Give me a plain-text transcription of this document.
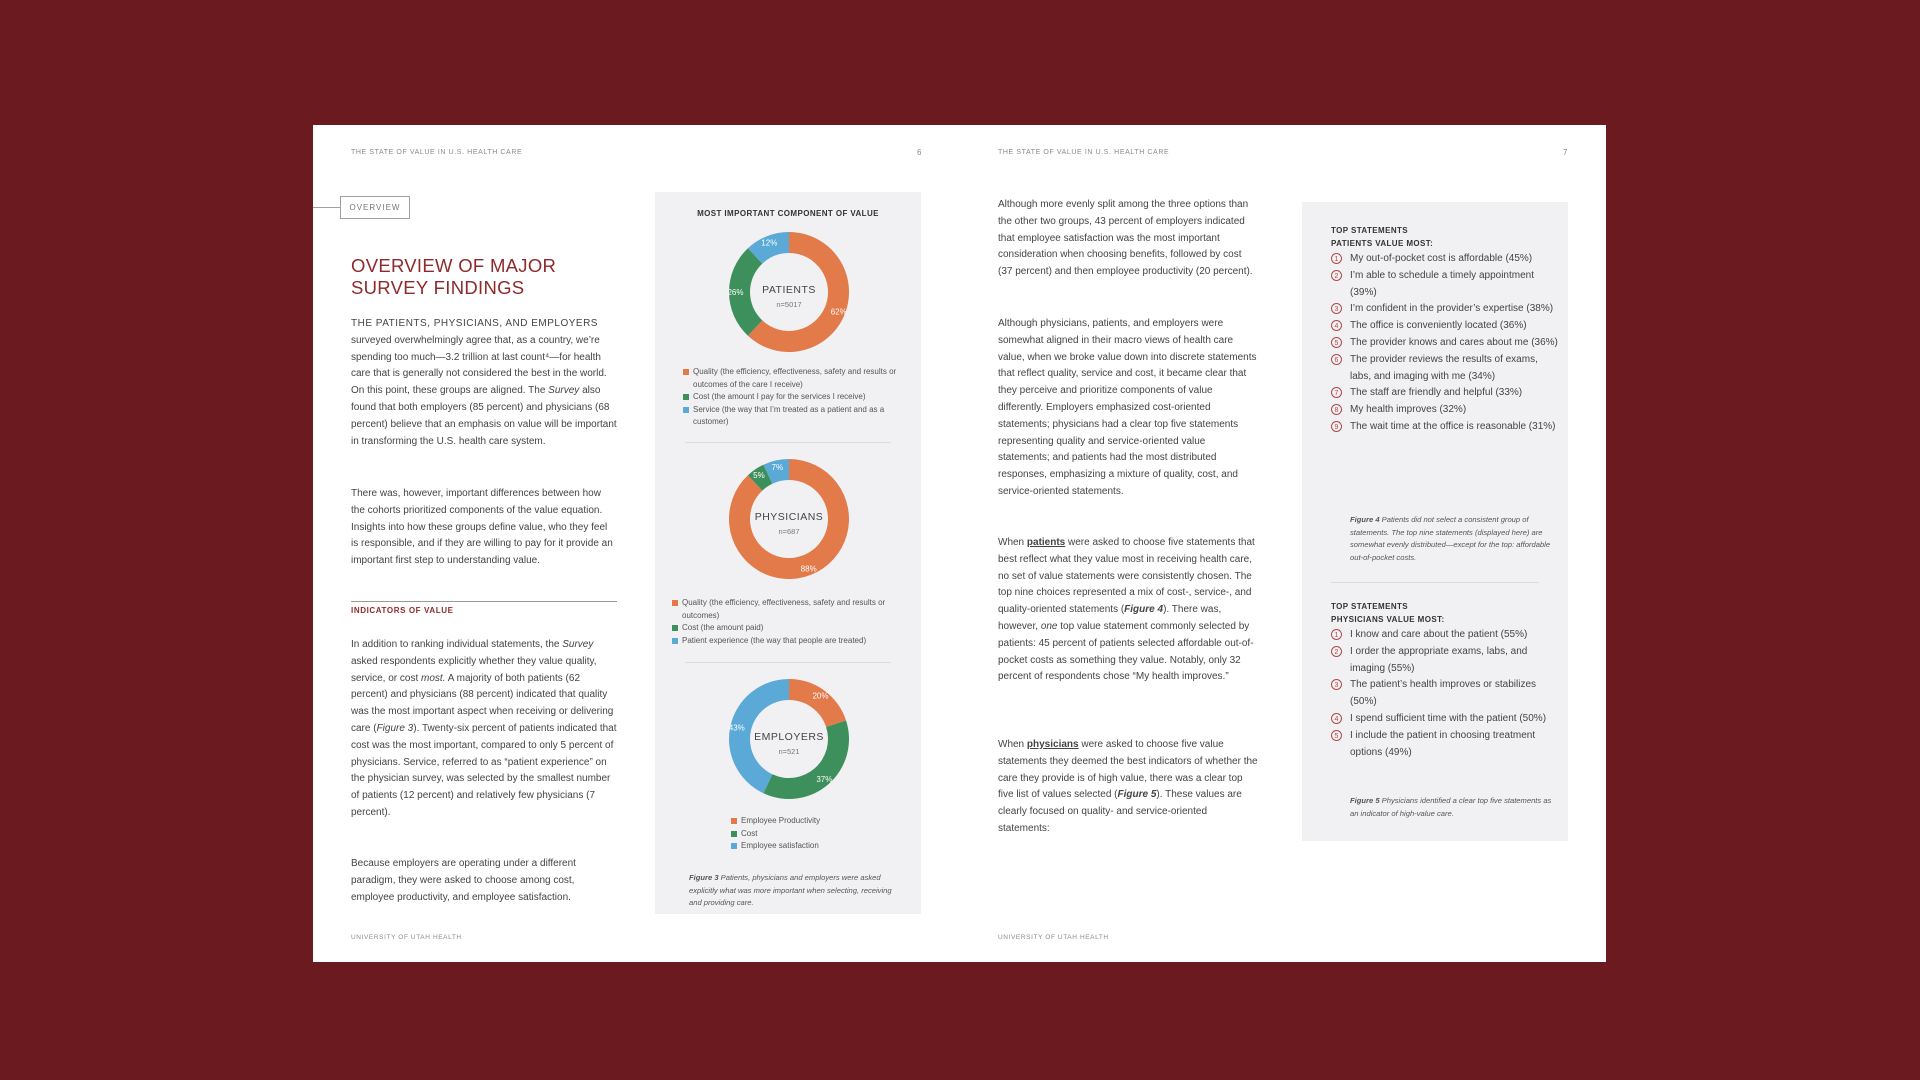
THE STATE OF VALUE IN U.S. HEALTH CARE	6
OVERVIEW
OVERVIEW OF MAJOR SURVEY FINDINGS

THE PATIENTS, PHYSICIANS, AND EMPLOYERS surveyed overwhelmingly agree that, as a country, we’re spending too much—3.2 trillion at last count⁴—for health care that is generally not considered the best in the world. On this point, these groups are aligned. The Survey also found that both employers (85 percent) and physicians (68 percent) believe that an emphasis on value will be important in transforming the U.S. health care system.

There was, however, important differences between how the cohorts prioritized components of the value equation. Insights into how these groups define value, who they feel is responsible, and if they are willing to pay for it provide an important first step to understanding value.

INDICATORS OF VALUE

In addition to ranking individual statements, the Survey asked respondents explicitly whether they value quality, service, or cost most. A majority of both patients (62 percent) and physicians (88 percent) indicated that quality was the most important aspect when receiving or delivering care (Figure 3). Twenty-six percent of patients indicated that cost was the most important, compared to only 5 percent of physicians. Service, referred to as “patient experience” on the physician survey, was selected by the smallest number of patients (12 percent) and relatively few physicians (7 percent).

Because employers are operating under a different paradigm, they were asked to choose among cost, employee productivity, and employee satisfaction.

UNIVERSITY OF UTAH HEALTH
MOST IMPORTANT COMPONENT OF VALUE
62%
26%
12%
PATIENTS
n=5017
Quality (the efficiency, effectiveness, safety and results or outcomes of the care I receive)
Cost (the amount I pay for the services I receive)
Service (the way that I’m treated as a patient and as a customer)
88%
5%
7%
PHYSICIANS
n=687
Quality (the efficiency, effectiveness, safety and results or outcomes)
Cost (the amount paid)
Patient experience (the way that people are treated)
20%
37%
43%
EMPLOYERS
n=521
Employee Productivity
Cost
Employee satisfaction
Figure 3 Patients, physicians and employers were asked explicitly what was more important when selecting, receiving and providing care.
THE STATE OF VALUE IN U.S. HEALTH CARE	7

Although more evenly split among the three options than the other two groups, 43 percent of employers indicated that employee satisfaction was the most important consideration when choosing benefits, followed by cost (37 percent) and then employee productivity (20 percent).

Although physicians, patients, and employers were somewhat aligned in their macro views of health care value, when we broke value down into discrete statements that reflect quality, service and cost, it became clear that they perceive and prioritize components of value differently. Employers emphasized cost-oriented statements; physicians had a clear top five statements representing quality and service-oriented value statements; and patients had the most distributed responses, emphasizing a mixture of quality, cost, and service-oriented statements.

When patients were asked to choose five statements that best reflect what they value most in receiving health care, no set of value statements were consistently chosen. The top nine choices represented a mix of cost-, service-, and quality-oriented statements (Figure 4). There was, however, one top value statement commonly selected by patients: 45 percent of patients selected affordable out-of-pocket costs as something they value. Notably, only 32 percent of respondents chose “My health improves.”

When physicians were asked to choose five value statements they deemed the best indicators of whether the care they provide is of high value, there was a clear top five list of values selected (Figure 5). These values are clearly focused on quality- and service-oriented statements:

UNIVERSITY OF UTAH HEALTH
TOP STATEMENTS
PATIENTS VALUE MOST:
1	My out-of-pocket cost is affordable (45%)
2	I’m able to schedule a timely appointment (39%)
3	I’m confident in the provider’s expertise (38%)
4	The office is conveniently located (36%)
5	The provider knows and cares about me (36%)
6	The provider reviews the results of exams, labs, and imaging with me (34%)
7	The staff are friendly and helpful (33%)
8	My health improves (32%)
9	The wait time at the office is reasonable (31%)
Figure 4 Patients did not select a consistent group of statements. The top nine statements (displayed here) are somewhat evenly distributed—except for the top: affordable out-of-pocket costs.
TOP STATEMENTS
PHYSICIANS VALUE MOST:
1	I know and care about the patient (55%)
2	I order the appropriate exams, labs, and imaging (55%)
3	The patient’s health improves or stabilizes (50%)
4	I spend sufficient time with the patient (50%)
5	I include the patient in choosing treatment options (49%)
Figure 5 Physicians identified a clear top five statements as an indicator of high-value care.
